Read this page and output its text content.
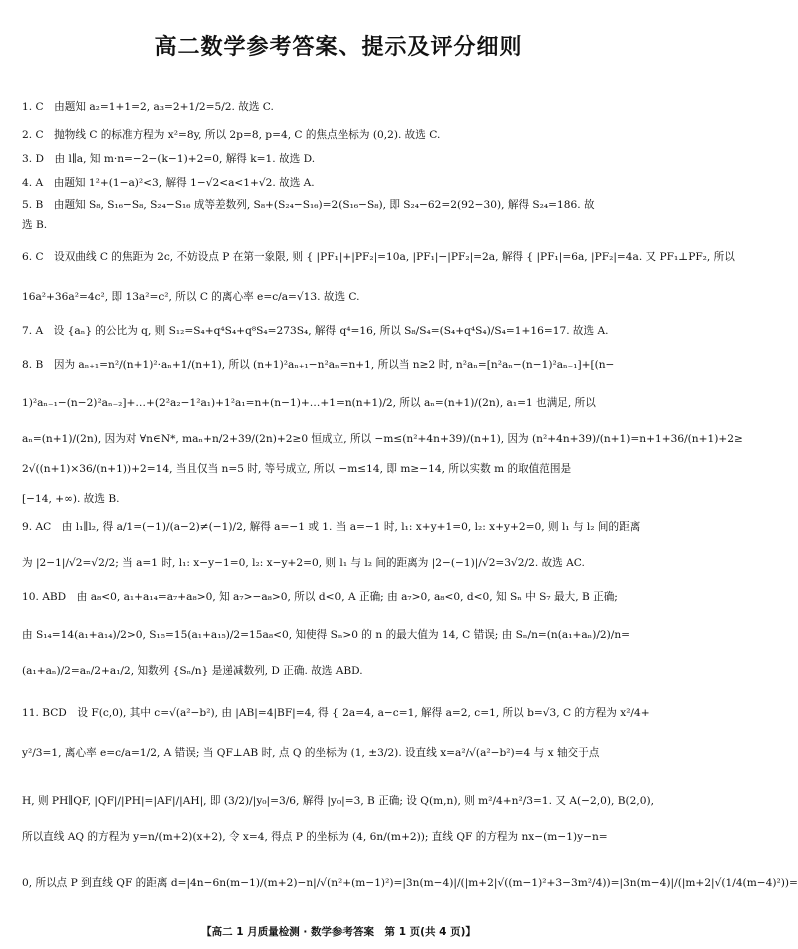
高二数学参考答案、提示及评分细则
1. C　由题知 a₂=1+1=2, a₃=2+1/2=5/2. 故选 C.
2. C　抛物线 C 的标准方程为 x²=8y, 所以 2p=8, p=4, C 的焦点坐标为 (0,2). 故选 C.
3. D　由 l∥a, 知 m·n=−2−(k−1)+2=0, 解得 k=1. 故选 D.
4. A　由题知 1²+(1−a)²<3, 解得 1−√2<a<1+√2. 故选 A.
5. B　由题知 S₈, S₁₆−S₈, S₂₄−S₁₆ 成等差数列, S₈+(S₂₄−S₁₆)=2(S₁₆−S₈), 即 S₂₄−62=2(92−30), 解得 S₂₄=186. 故
选 B.
6. C　设双曲线 C 的焦距为 2c, 不妨设点 P 在第一象限, 则 { |PF₁|+|PF₂|=10a, |PF₁|−|PF₂|=2a, 解得 { |PF₁|=6a, |PF₂|=4a. 又 PF₁⊥PF₂, 所以
16a²+36a²=4c², 即 13a²=c², 所以 C 的离心率 e=c/a=√13. 故选 C.
7. A　设 {aₙ} 的公比为 q, 则 S₁₂=S₄+q⁴S₄+q⁸S₄=273S₄, 解得 q⁴=16, 所以 S₈/S₄=(S₄+q⁴S₄)/S₄=1+16=17. 故选 A.
8. B　因为 aₙ₊₁=n²/(n+1)²·aₙ+1/(n+1), 所以 (n+1)²aₙ₊₁−n²aₙ=n+1, 所以当 n≥2 时, n²aₙ=[n²aₙ−(n−1)²aₙ₋₁]+[(n−
1)²aₙ₋₁−(n−2)²aₙ₋₂]+…+(2²a₂−1²a₁)+1²a₁=n+(n−1)+…+1=n(n+1)/2, 所以 aₙ=(n+1)/(2n), a₁=1 也满足, 所以
aₙ=(n+1)/(2n), 因为对 ∀n∈N*, maₙ+n/2+39/(2n)+2≥0 恒成立, 所以 −m≤(n²+4n+39)/(n+1), 因为 (n²+4n+39)/(n+1)=n+1+36/(n+1)+2≥
2√((n+1)×36/(n+1))+2=14, 当且仅当 n=5 时, 等号成立, 所以 −m≤14, 即 m≥−14, 所以实数 m 的取值范围是
[−14, +∞). 故选 B.
9. AC　由 l₁∥l₂, 得 a/1=(−1)/(a−2)≠(−1)/2, 解得 a=−1 或 1. 当 a=−1 时, l₁: x+y+1=0, l₂: x+y+2=0, 则 l₁ 与 l₂ 间的距离
为 |2−1|/√2=√2/2; 当 a=1 时, l₁: x−y−1=0, l₂: x−y+2=0, 则 l₁ 与 l₂ 间的距离为 |2−(−1)|/√2=3√2/2. 故选 AC.
10. ABD　由 a₈<0, a₁+a₁₄=a₇+a₈>0, 知 a₇>−a₈>0, 所以 d<0, A 正确; 由 a₇>0, a₈<0, d<0, 知 Sₙ 中 S₇ 最大, B 正确;
由 S₁₄=14(a₁+a₁₄)/2>0, S₁₅=15(a₁+a₁₅)/2=15a₈<0, 知使得 Sₙ>0 的 n 的最大值为 14, C 错误; 由 Sₙ/n=(n(a₁+aₙ)/2)/n=
(a₁+aₙ)/2=aₙ/2+a₁/2, 知数列 {Sₙ/n} 是递减数列, D 正确. 故选 ABD.
11. BCD　设 F(c,0), 其中 c=√(a²−b²), 由 |AB|=4|BF|=4, 得 { 2a=4, a−c=1, 解得 a=2, c=1, 所以 b=√3, C 的方程为 x²/4+
y²/3=1, 离心率 e=c/a=1/2, A 错误; 当 QF⊥AB 时, 点 Q 的坐标为 (1, ±3/2). 设直线 x=a²/√(a²−b²)=4 与 x 轴交于点
H, 则 PH∥QF, |QF|/|PH|=|AF|/|AH|, 即 (3/2)/|y₀|=3/6, 解得 |y₀|=3, B 正确; 设 Q(m,n), 则 m²/4+n²/3=1. 又 A(−2,0), B(2,0),
所以直线 AQ 的方程为 y=n/(m+2)(x+2), 令 x=4, 得点 P 的坐标为 (4, 6n/(m+2)); 直线 QF 的方程为 nx−(m−1)y−n=
0, 所以点 P 到直线 QF 的距离 d=|4n−6n(m−1)/(m+2)−n|/√(n²+(m−1)²)=|3n(m−4)|/(|m+2|√((m−1)²+3−3m²/4))=|3n(m−4)|/(|m+2|√(1/4(m−4)²))=
【高二 1 月质量检测 · 数学参考答案　第 1 页(共 4 页)】
